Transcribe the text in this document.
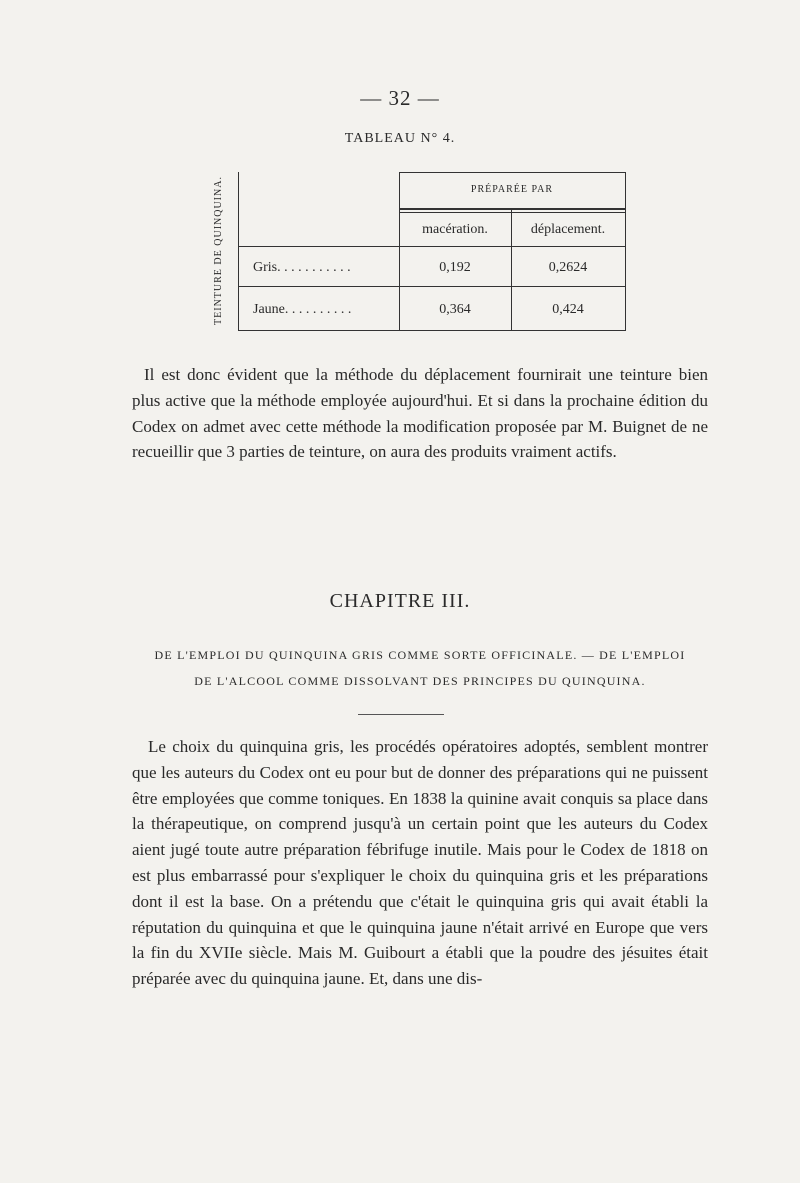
— 32 —
TABLEAU N° 4.
TEINTURE DE QUINQUINA.	PRÉPARÉE PAR
macération.	déplacement.
Gris. . . . . . . . . . .	0,192	0,2624
Jaune. . . . . . . . . .	0,364	0,424
Il est donc évident que la méthode du déplacement fournirait une teinture bien plus active que la méthode employée aujourd'hui. Et si dans la prochaine édition du Codex on admet avec cette méthode la modification proposée par M. Buignet de ne recueillir que 3 parties de teinture, on aura des produits vraiment actifs.
CHAPITRE III.
DE L'EMPLOI DU QUINQUINA GRIS COMME SORTE OFFICINALE. — DE L'EMPLOI
DE L'ALCOOL COMME DISSOLVANT DES PRINCIPES DU QUINQUINA.
Le choix du quinquina gris, les procédés opératoires adoptés, semblent montrer que les auteurs du Codex ont eu pour but de donner des préparations qui ne puissent être employées que comme toniques. En 1838 la quinine avait conquis sa place dans la thérapeutique, on comprend jusqu'à un certain point que les auteurs du Codex aient jugé toute autre préparation fébrifuge inutile. Mais pour le Codex de 1818 on est plus embarrassé pour s'expliquer le choix du quinquina gris et les préparations dont il est la base. On a prétendu que c'était le quinquina gris qui avait établi la réputation du quinquina et que le quinquina jaune n'était arrivé en Europe que vers la fin du XVIIe siècle. Mais M. Guibourt a établi que la poudre des jésuites était préparée avec du quinquina jaune. Et, dans une dis-
